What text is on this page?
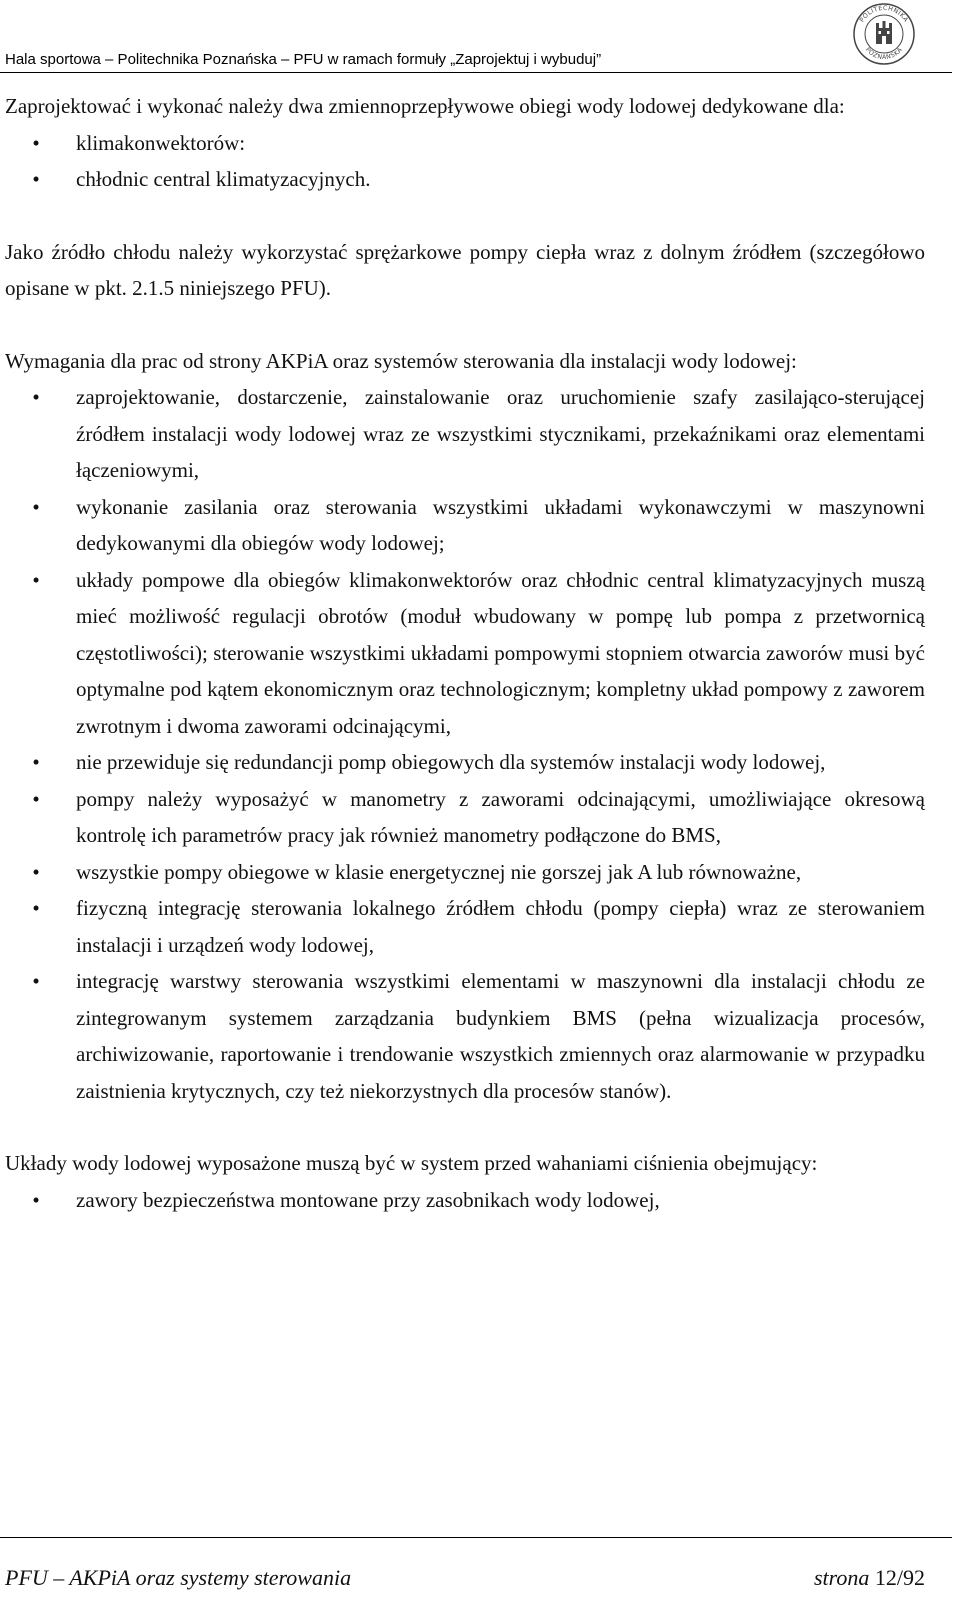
Hala sportowa – Politechnika Poznańska – PFU w ramach formuły „Zaprojektuj i wybuduj”
POLITECHNIKA
POZNAŃSKA

Zaprojektować i wykonać należy dwa zmiennoprzepływowe obiegi wody lodowej dedykowane dla:

•	klimakonwektorów:
•	chłodnic central klimatyzacyjnych.

Jako źródło chłodu należy wykorzystać sprężarkowe pompy ciepła wraz z dolnym źródłem (szczegółowo opisane w pkt. 2.1.5 niniejszego PFU).

Wymagania dla prac od strony AKPiA oraz systemów sterowania dla instalacji wody lodowej:

•	zaprojektowanie, dostarczenie, zainstalowanie oraz uruchomienie szafy zasilająco-sterującej źródłem instalacji wody lodowej wraz ze wszystkimi stycznikami, przekaźnikami oraz elementami łączeniowymi,
•	wykonanie zasilania oraz sterowania wszystkimi układami wykonawczymi w maszynowni dedykowanymi dla obiegów wody lodowej;
•	układy pompowe dla obiegów klimakonwektorów oraz chłodnic central klimatyzacyjnych muszą mieć możliwość regulacji obrotów (moduł wbudowany w pompę lub pompa z przetwornicą częstotliwości); sterowanie wszystkimi układami pompowymi stopniem otwarcia zaworów musi być optymalne pod kątem ekonomicznym oraz technologicznym; kompletny układ pompowy z zaworem zwrotnym i dwoma zaworami odcinającymi,
•	nie przewiduje się redundancji pomp obiegowych dla systemów instalacji wody lodowej,
•	pompy należy wyposażyć w manometry z zaworami odcinającymi, umożliwiające okresową kontrolę ich parametrów pracy jak również manometry podłączone do BMS,
•	wszystkie pompy obiegowe w klasie energetycznej nie gorszej jak A lub równoważne,
•	fizyczną integrację sterowania lokalnego źródłem chłodu (pompy ciepła) wraz ze sterowaniem instalacji i urządzeń wody lodowej,
•	integrację warstwy sterowania wszystkimi elementami w maszynowni dla instalacji chłodu ze zintegrowanym systemem zarządzania budynkiem BMS (pełna wizualizacja procesów, archiwizowanie, raportowanie i trendowanie wszystkich zmiennych oraz alarmowanie w przypadku zaistnienia krytycznych, czy też niekorzystnych dla procesów stanów).

Układy wody lodowej wyposażone muszą być w system przed wahaniami ciśnienia obejmujący:

•	zawory bezpieczeństwa montowane przy zasobnikach wody lodowej,
PFU – AKPiA oraz systemy sterowania	strona 12/92
